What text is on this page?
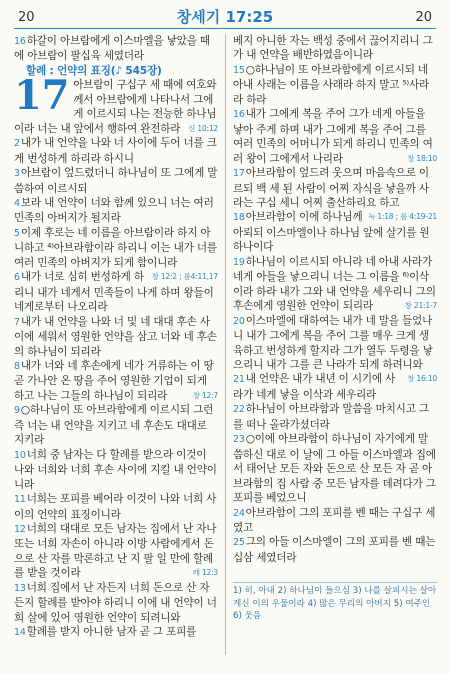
20	창세기 17:25	20

16하갈이 아브람에게 이스마엘을 낳았을 때에 아브람이 팔십육 세였더라

할례 : 언약의 표징(♪ 545장)

17 아브람이 구십구 세 때에 여호와께서 아브람에게 나타나서 그에게 이르시되 나는 전능한 하나님이라 너는 내 앞에서 행하여 완전하라 신 10:12

2내가 내 언약을 나와 너 사이에 두어 너를 크게 번성하게 하리라 하시니

3아브람이 엎드렸더니 하나님이 또 그에게 말씀하여 이르시되

4보라 내 언약이 너와 함께 있으니 너는 여러 민족의 아버지가 될지라

5이제 후로는 네 이름을 아브람이라 하지 아니하고 ⁴⁾아브라함이라 하리니 이는 내가 너를 여러 민족의 아버지가 되게 함이니라
창 12:2 ; 롬4:11,17

6내가 너로 심히 번성하게 하리니 내가 네게서 민족들이 나게 하며 왕들이 네게로부터 나오리라

7내가 내 언약을 나와 너 및 네 대대 후손 사이에 세워서 영원한 언약을 삼고 너와 네 후손의 하나님이 되리라

8내가 너와 네 후손에게 네가 거류하는 이 땅 곧 가나안 온 땅을 주어 영원한 기업이 되게 하고 나는 그들의 하나님이 되리라	창 12:7

9○하나님이 또 아브라함에게 이르시되 그런즉 너는 내 언약을 지키고 네 후손도 대대로 지키라

10너희 중 남자는 다 할례를 받으라 이것이 나와 너희와 너희 후손 사이에 지킬 내 언약이니라

11너희는 포피를 베어라 이것이 나와 너희 사이의 언약의 표징이니라

12너희의 대대로 모든 남자는 집에서 난 자나 또는 너희 자손이 아니라 이방 사람에게서 돈으로 산 자를 막론하고 난 지 팔 일 만에 할례를 받을 것이라	레 12:3

13너희 집에서 난 자든지 너희 돈으로 산 자든지 할례를 받아야 하리니 이에 내 언약이 너희 살에 있어 영원한 언약이 되려니와

14할례를 받지 아니한 남자 곧 그 포피를

베지 아니한 자는 백성 중에서 끊어지리니 그가 내 언약을 배반하였음이니라

15○하나님이 또 아브라함에게 이르시되 네 아내 사래는 이름을 사래라 하지 말고 ⁵⁾사라라 하라

16내가 그에게 복을 주어 그가 네게 아들을 낳아 주게 하며 내가 그에게 복을 주어 그를 여러 민족의 어머니가 되게 하리니 민족의 여러 왕이 그에게서 나리라	창 18:10

17아브라함이 엎드려 웃으며 마음속으로 이르되 백 세 된 사람이 어찌 자식을 낳을까 사라는 구십 세니 어찌 출산하리요 하고
눅 1:18 ; 롬 4:19-21

18아브라함이 이에 하나님께 아뢰되 이스마엘이나 하나님 앞에 살기를 원하나이다

19하나님이 이르시되 아니라 네 아내 사라가 네게 아들을 낳으리니 너는 그 이름을 ⁶⁾이삭이라 하라 내가 그와 내 언약을 세우리니 그의 후손에게 영원한 언약이 되리라	창 21:1-7

20이스마엘에 대하여는 내가 네 말을 들었나니 내가 그에게 복을 주어 그를 매우 크게 생육하고 번성하게 할지라 그가 열두 두령을 낳으리니 내가 그를 큰 나라가 되게 하려니와
창 16:10

21내 언약은 내가 내년 이 시기에 사라가 네게 낳을 이삭과 세우리라

22하나님이 아브라함과 말씀을 마치시고 그를 떠나 올라가셨더라

23○이에 아브라함이 하나님이 자기에게 말씀하신 대로 이 날에 그 아들 이스마엘과 집에서 태어난 모든 자와 돈으로 산 모든 자 곧 아브라함의 집 사람 중 모든 남자를 데려다가 그 포피를 베었으니

24아브라함이 그의 포피를 벤 때는 구십구 세였고

25그의 아들 이스마엘이 그의 포피를 벤 때는 십삼 세였더라

1) 히, 아내 2) 하나님이 들으심 3) 나를 살피시는 살아 계신 이의 우물이라 4) 많은 무리의 아버지 5) 여주인 6) 웃음
